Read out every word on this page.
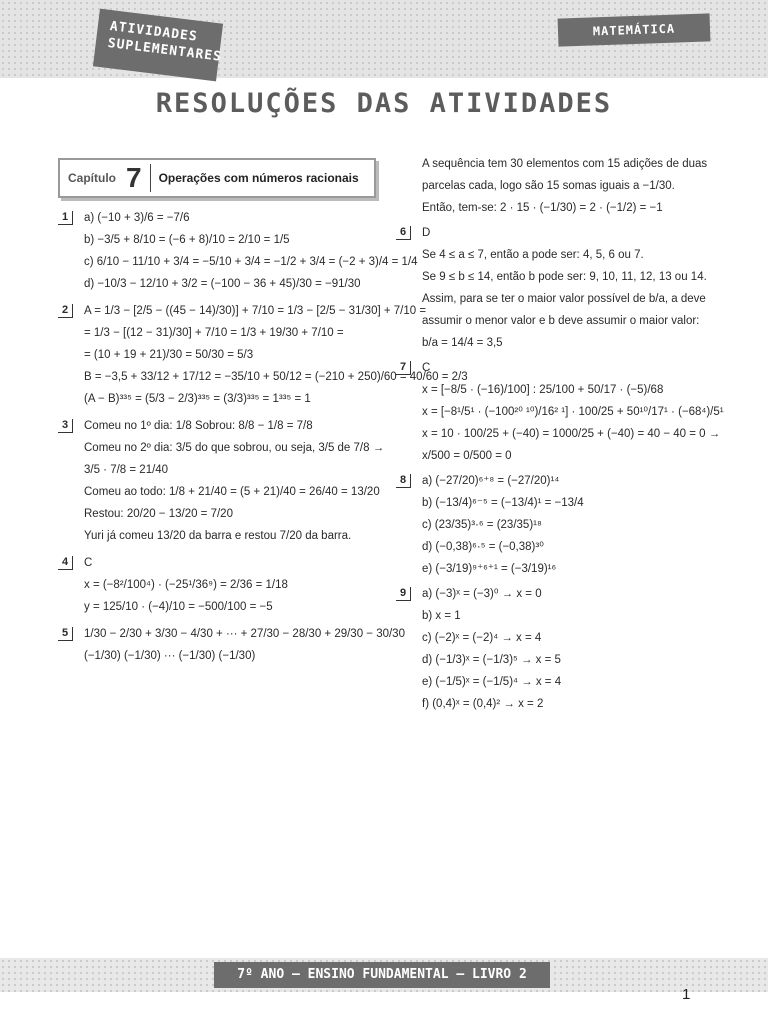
ATIVIDADES SUPLEMENTARES
MATEMÁTICA
RESOLUÇÕES DAS ATIVIDADES
Capítulo 7 Operações com números racionais
1	a) (−10 + 3)/6 = −7/6
b) −3/5 + 8/10 = (−6 + 8)/10 = 2/10 = 1/5
c) 6/10 − 11/10 + 3/4 = −5/10 + 3/4 = −1/2 + 3/4 = (−2 + 3)/4 = 1/4
d) −10/3 − 12/10 + 3/2 = (−100 − 36 + 45)/30 = −91/30
2	A = 1/3 − [2/5 − ((45 − 14)/30)] + 7/10 = 1/3 − [2/5 − 31/30] + 7/10 =
= 1/3 − [(12 − 31)/30] + 7/10 = 1/3 + 19/30 + 7/10 =
= (10 + 19 + 21)/30 = 50/30 = 5/3
B = −3,5 + 33/12 + 17/12 = −35/10 + 50/12 = (−210 + 250)/60 = 40/60 = 2/3
(A − B)³³⁵ = (5/3 − 2/3)³³⁵ = (3/3)³³⁵ = 1³³⁵ = 1
3	Comeu no 1º dia: 1/8 Sobrou: 8/8 − 1/8 = 7/8
Comeu no 2º dia: 3/5 do que sobrou, ou seja, 3/5 de 7/8 →
3/5 · 7/8 = 21/40
Comeu ao todo: 1/8 + 21/40 = (5 + 21)/40 = 26/40 = 13/20
Restou: 20/20 − 13/20 = 7/20
Yuri já comeu 13/20 da barra e restou 7/20 da barra.
4	C
x = (−8²/100⁴) · (−25¹/36⁹) = 2/36 = 1/18
y = 125/10 · (−4)/10 = −500/100 = −5
5	1/30 − 2/30 + 3/30 − 4/30 + ··· + 27/30 − 28/30 + 29/30 − 30/30
(−1/30) (−1/30) ··· (−1/30) (−1/30)
A sequência tem 30 elementos com 15 adições de duas
parcelas cada, logo são 15 somas iguais a −1/30.
Então, tem-se: 2 · 15 · (−1/30) = 2 · (−1/2) = −1
6	D
Se 4 ≤ a ≤ 7, então a pode ser: 4, 5, 6 ou 7.
Se 9 ≤ b ≤ 14, então b pode ser: 9, 10, 11, 12, 13 ou 14.
Assim, para se ter o maior valor possível de b/a, a deve
assumir o menor valor e b deve assumir o maior valor:
b/a = 14/4 = 3,5
7	C
x = [−8/5 · (−16)/100] : 25/100 + 50/17 · (−5)/68
x = [−8¹/5¹ · (−100²⁰ ¹⁰)/16² ¹] · 100/25 + 50¹⁰/17¹ · (−68⁴)/5¹
x = 10 · 100/25 + (−40) = 1000/25 + (−40) = 40 − 40 = 0 →
x/500 = 0/500 = 0
8	a) (−27/20)⁶⁺⁸ = (−27/20)¹⁴
b) (−13/4)⁶⁻⁵ = (−13/4)¹ = −13/4
c) (23/35)³·⁶ = (23/35)¹⁸
d) (−0,38)⁶·⁵ = (−0,38)³⁰
e) (−3/19)⁹⁺⁶⁺¹ = (−3/19)¹⁶
9	a) (−3)ˣ = (−3)⁰ → x = 0
b) x = 1
c) (−2)ˣ = (−2)⁴ → x = 4
d) (−1/3)ˣ = (−1/3)⁵ → x = 5
e) (−1/5)ˣ = (−1/5)⁴ → x = 4
f) (0,4)ˣ = (0,4)² → x = 2
7º ANO – ENSINO FUNDAMENTAL – LIVRO 2
1
